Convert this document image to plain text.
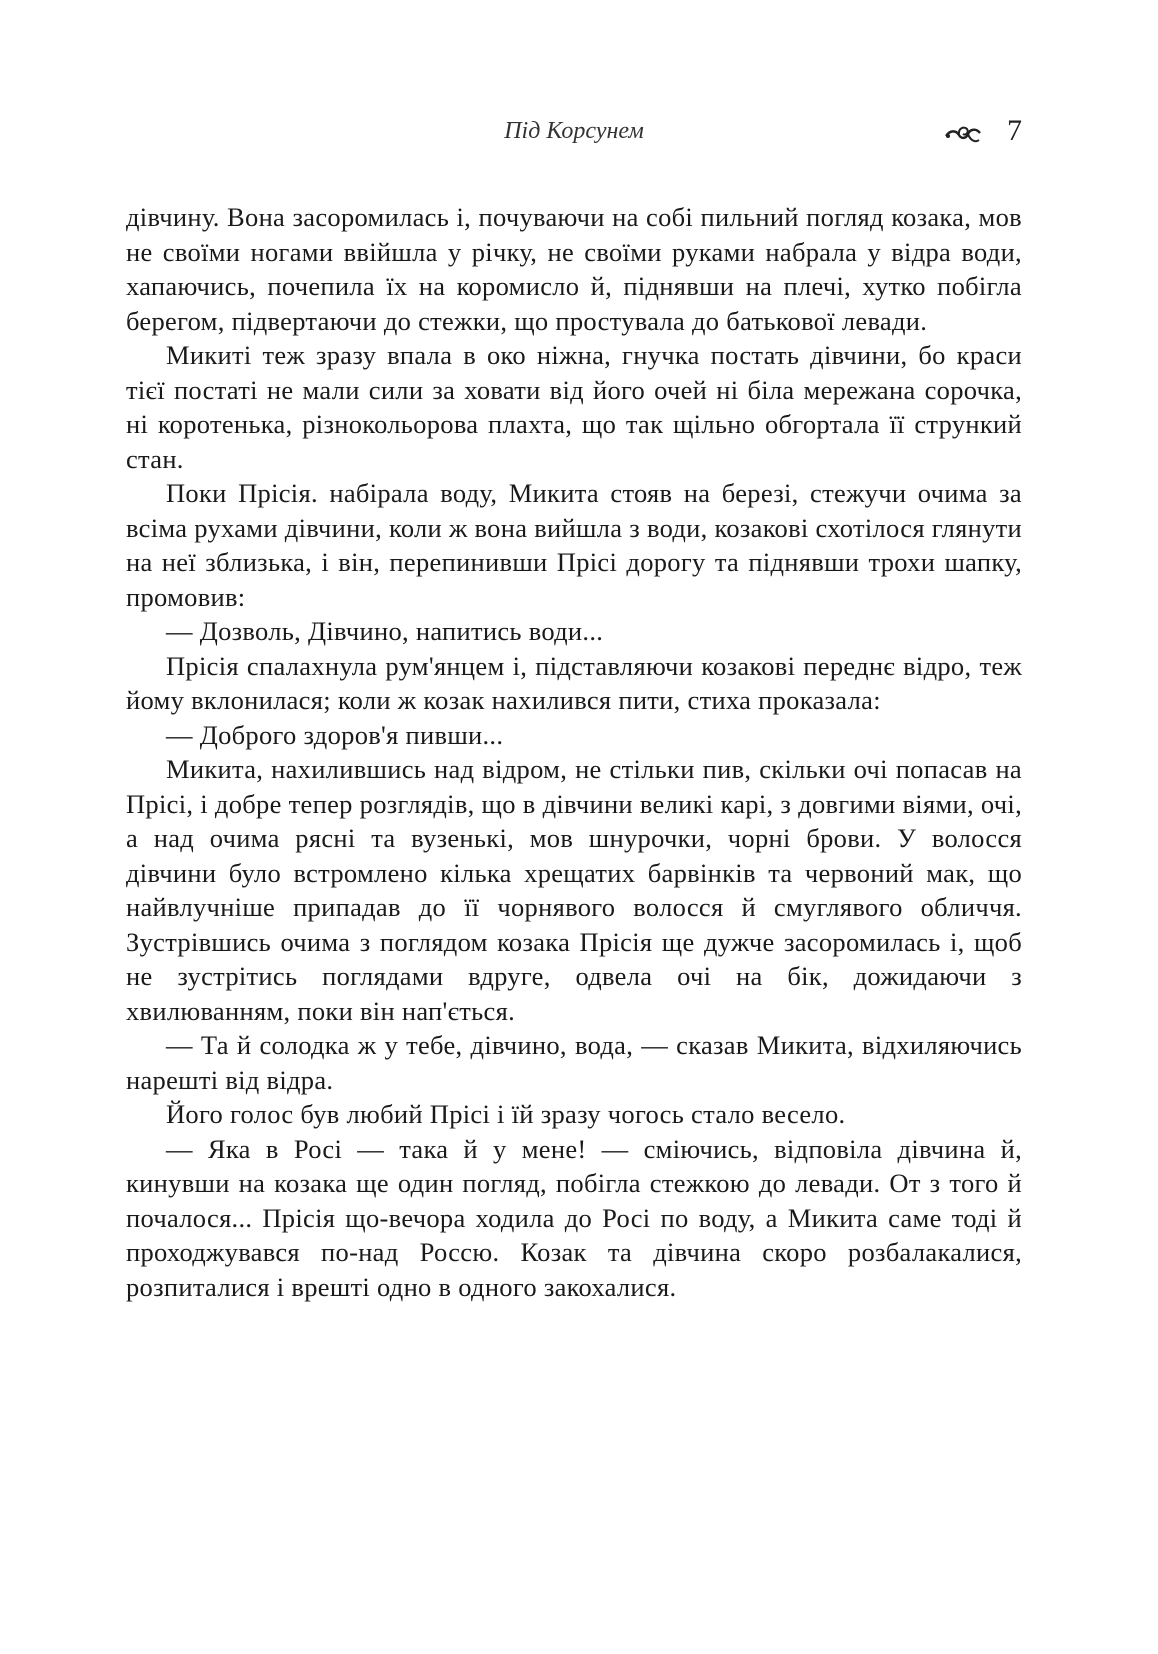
Під Корсунем	7

дівчину. Вона засоромилась і, почуваючи на собі пильний погляд козака, мов не своїми ногами ввійшла у річку, не своїми руками набрала у відра води, хапаючись, почепила їх на коромисло й, піднявши на плечі, хутко побігла берегом, підвертаючи до стежки, що простувала до батькової левади.

Микиті теж зразу впала в око ніжна, гнучка постать дівчини, бо краси тієї постаті не мали сили за ховати від його очей ні біла мережана сорочка, ні коротенька, різнокольорова плахта, що так щільно обгортала її стрункий стан.

Поки Прісія. набірала воду, Микита стояв на березі, стежучи очима за всіма рухами дівчини, коли ж вона вийшла з води, козакові схотілося глянути на неї зблизька, і він, перепинивши Прісі дорогу та піднявши трохи шапку, промовив:

— Дозволь, Дівчино, напитись води...

Прісія спалахнула рум'янцем і, підставляючи козакові переднє відро, теж йому вклонилася; коли ж козак нахилився пити, стиха проказала:

— Доброго здоров'я пивши...

Микита, нахилившись над відром, не стільки пив, скільки очі попасав на Прісі, і добре тепер розглядів, що в дівчини великі карі, з довгими віями, очі, а над очима рясні та вузенькі, мов шнурочки, чорні брови. У волосся дівчини було встромлено кілька хрещатих барвінків та червоний мак, що найвлучніше припадав до її чорнявого волосся й смуглявого обличчя. Зустрівшись очима з поглядом козака Прісія ще дужче засоромилась і, щоб не зустрітись поглядами вдруге, одвела очі на бік, дожидаючи з хвилюванням, поки він нап'ється.

— Та й солодка ж у тебе, дівчино, вода, — сказав Микита, відхиляючись нарешті від відра.

Його голос був любий Прісі і їй зразу чогось стало весело.

— Яка в Росі — така й у мене! — сміючись, відповіла дівчина й, кинувши на козака ще один погляд, побігла стежкою до левади. От з того й почалося... Прісія що-вечора ходила до Росі по воду, а Микита саме тоді й проходжувався по-над Россю. Козак та дівчина скоро розбалакалися, розпиталися і врешті одно в одного закохалися.
